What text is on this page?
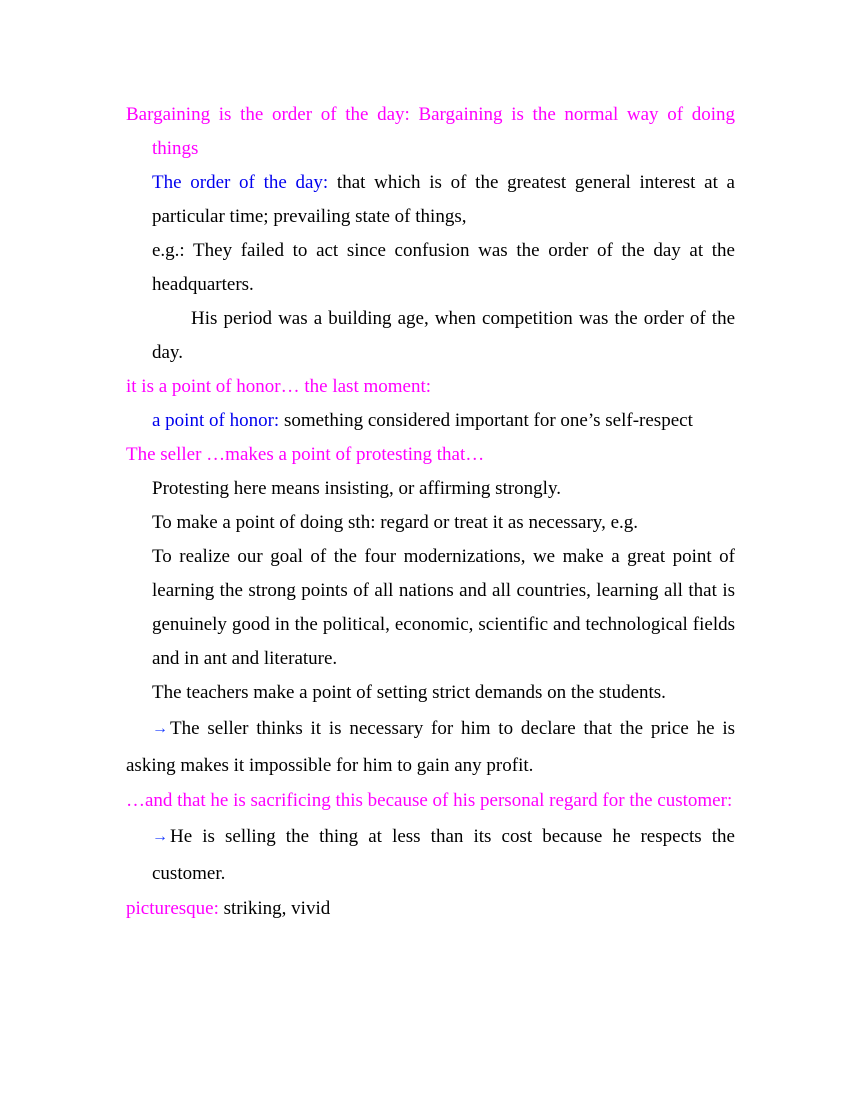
Bargaining is the order of the day: Bargaining is the normal way of doing things
The order of the day: that which is of the greatest general interest at a particular time; prevailing state of things,
e.g.: They failed to act since confusion was the order of the day at the headquarters.
His period was a building age, when competition was the order of the day.
it is a point of honor… the last moment:
a point of honor: something considered important for one’s self-respect
The seller …makes a point of protesting that…
Protesting here means insisting, or affirming strongly.
To make a point of doing sth: regard or treat it as necessary, e.g.
To realize our goal of the four modernizations, we make a great point of learning the strong points of all nations and all countries, learning all that is genuinely good in the political, economic, scientific and technological fields and in ant and literature.
The teachers make a point of setting strict demands on the students.
→ The seller thinks it is necessary for him to declare that the price he is asking makes it impossible for him to gain any profit.
…and that he is sacrificing this because of his personal regard for the customer:
→ He is selling the thing at less than its cost because he respects the customer.
picturesque: striking, vivid
